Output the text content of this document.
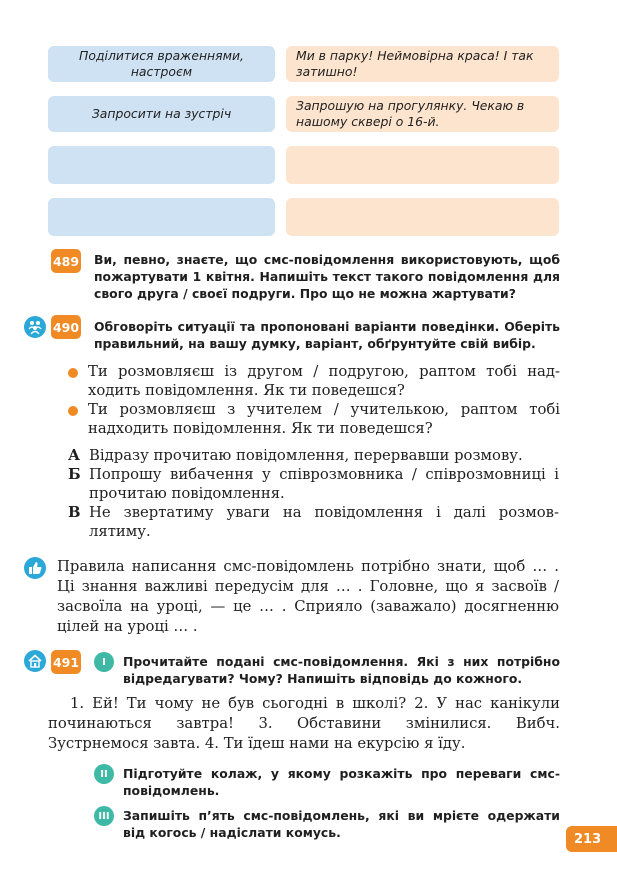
Поділитися враженнями, настроєм
Ми в парку! Неймовірна краса! І так затишно!
Запросити на зустріч
Запрошую на прогулянку. Чекаю в нашому сквері о 16-й.
489 Ви, певно, знаєте, що смс-повідомлення використовують, щоб пожартувати 1 квітня. Напишіть текст такого повідомлення для свого друга / своєї подруги. Про що не можна жартувати?
490 Обговоріть ситуації та пропоновані варіанти поведінки. Оберіть правильний, на вашу думку, варіант, обґрунтуйте свій вибір.
Ти розмовляєш із другом / подругою, раптом тобі надходить повідомлення. Як ти поведешся?
Ти розмовляєш з учителем / учителькою, раптом тобі надходить повідомлення. Як ти поведешся?
А Відразу прочитаю повідомлення, перервавши розмову.
Б Попрошу вибачення у співрозмовника / співрозмовниці і прочитаю повідомлення.
В Не звертатиму уваги на повідомлення і далі розмов лятиму.
Правила написання смс-повідомлень потрібно знати, щоб … .
Ці знання важливі передусім для … . Головне, що я засвоїв /
засвоїла на уроці, — це … . Сприяло (заважало) досягненню
цілей на уроці … .
491	I	Прочитайте подані смс-повідомлення. Які з них потрібно відредагувати? Чому? Напишіть відповідь до кожного.
1. Ей! Ти чому не був сьогодні в школі? 2. У нас канікули
починаються завтра! 3. Обставини змінилися. Вибч.
Зустрнемося завта. 4. Ти їдеш нами на екурсію я їду.
II	Підготуйте колаж, у якому розкажіть про переваги смс-повідомлень.
III	Запишіть п’ять смс-повідомлень, які ви мрієте одержати від когось / надіслати комусь.	213
